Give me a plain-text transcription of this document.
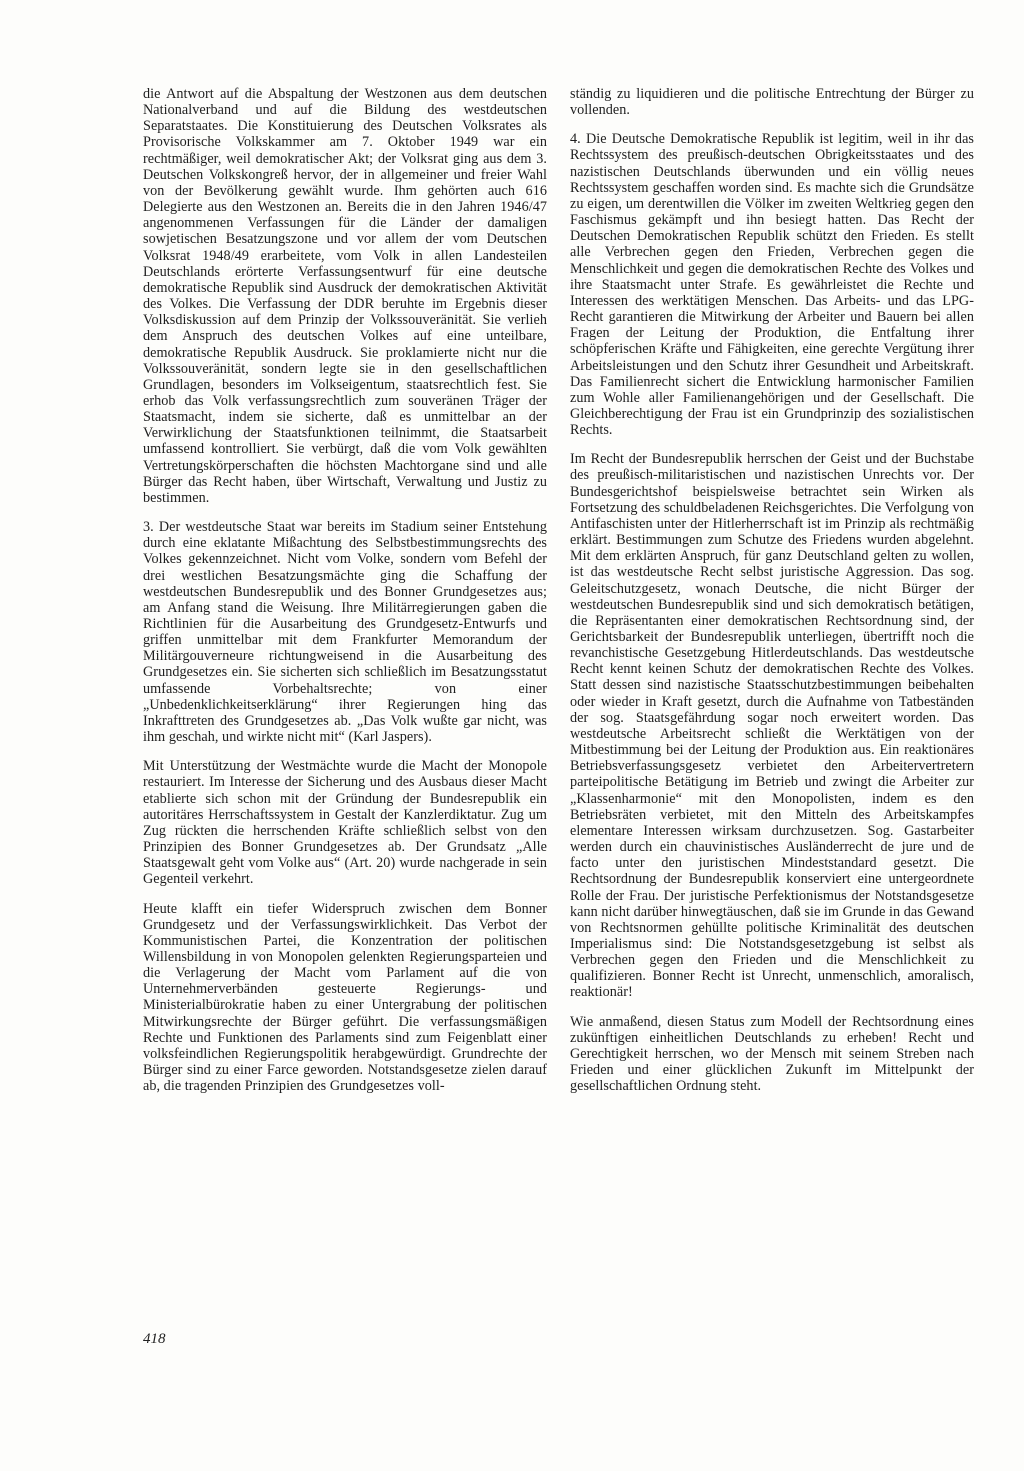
die Antwort auf die Abspaltung der Westzonen aus dem deutschen Nationalverband und auf die Bildung des westdeutschen Separatstaates. Die Konstituierung des Deutschen Volksrates als Provisorische Volkskammer am 7. Oktober 1949 war ein rechtmäßiger, weil demokratischer Akt; der Volksrat ging aus dem 3. Deutschen Volkskongreß hervor, der in allgemeiner und freier Wahl von der Bevölkerung gewählt wurde. Ihm gehörten auch 616 Delegierte aus den Westzonen an. Bereits die in den Jahren 1946/47 angenommenen Verfassungen für die Länder der damaligen sowjetischen Besatzungszone und vor allem der vom Deutschen Volksrat 1948/49 erarbeitete, vom Volk in allen Landesteilen Deutschlands erörterte Verfassungsentwurf für eine deutsche demokratische Republik sind Ausdruck der demokratischen Aktivität des Volkes. Die Verfassung der DDR beruhte im Ergebnis dieser Volksdiskussion auf dem Prinzip der Volkssouveränität. Sie verlieh dem Anspruch des deutschen Volkes auf eine unteilbare, demokratische Republik Ausdruck. Sie proklamierte nicht nur die Volkssouveränität, sondern legte sie in den gesellschaftlichen Grundlagen, besonders im Volkseigentum, staatsrechtlich fest. Sie erhob das Volk verfassungsrechtlich zum souveränen Träger der Staatsmacht, indem sie sicherte, daß es unmittelbar an der Verwirklichung der Staatsfunktionen teilnimmt, die Staatsarbeit umfassend kontrolliert. Sie verbürgt, daß die vom Volk gewählten Vertretungskörperschaften die höchsten Machtorgane sind und alle Bürger das Recht haben, über Wirtschaft, Verwaltung und Justiz zu bestimmen.

3. Der westdeutsche Staat war bereits im Stadium seiner Entstehung durch eine eklatante Mißachtung des Selbstbestimmungsrechts des Volkes gekennzeichnet. Nicht vom Volke, sondern vom Befehl der drei westlichen Besatzungsmächte ging die Schaffung der westdeutschen Bundesrepublik und des Bonner Grundgesetzes aus; am Anfang stand die Weisung. Ihre Militärregierungen gaben die Richtlinien für die Ausarbeitung des Grundgesetz-Entwurfs und griffen unmittelbar mit dem Frankfurter Memorandum der Militärgouverneure richtungweisend in die Ausarbeitung des Grundgesetzes ein. Sie sicherten sich schließlich im Besatzungsstatut umfassende Vorbehaltsrechte; von einer „Unbedenklichkeitserklärung“ ihrer Regierungen hing das Inkrafttreten des Grundgesetzes ab. „Das Volk wußte gar nicht, was ihm geschah, und wirkte nicht mit“ (Karl Jaspers).

Mit Unterstützung der Westmächte wurde die Macht der Monopole restauriert. Im Interesse der Sicherung und des Ausbaus dieser Macht etablierte sich schon mit der Gründung der Bundesrepublik ein autoritäres Herrschaftssystem in Gestalt der Kanzlerdiktatur. Zug um Zug rückten die herrschenden Kräfte schließlich selbst von den Prinzipien des Bonner Grundgesetzes ab. Der Grundsatz „Alle Staatsgewalt geht vom Volke aus“ (Art. 20) wurde nachgerade in sein Gegenteil verkehrt.

Heute klafft ein tiefer Widerspruch zwischen dem Bonner Grundgesetz und der Verfassungswirklichkeit. Das Verbot der Kommunistischen Partei, die Konzentration der politischen Willensbildung in von Monopolen gelenkten Regierungsparteien und die Verlagerung der Macht vom Parlament auf die von Unternehmerverbänden gesteuerte Regierungs- und Ministerialbürokratie haben zu einer Untergrabung der politischen Mitwirkungsrechte der Bürger geführt. Die verfassungsmäßigen Rechte und Funktionen des Parlaments sind zum Feigenblatt einer volksfeindlichen Regierungspolitik herabgewürdigt. Grundrechte der Bürger sind zu einer Farce geworden. Notstandsgesetze zielen darauf ab, die tragenden Prinzipien des Grundgesetzes voll-

ständig zu liquidieren und die politische Entrechtung der Bürger zu vollenden.

4. Die Deutsche Demokratische Republik ist legitim, weil in ihr das Rechtssystem des preußisch-deutschen Obrigkeitsstaates und des nazistischen Deutschlands überwunden und ein völlig neues Rechtssystem geschaffen worden sind. Es machte sich die Grundsätze zu eigen, um derentwillen die Völker im zweiten Weltkrieg gegen den Faschismus gekämpft und ihn besiegt hatten. Das Recht der Deutschen Demokratischen Republik schützt den Frieden. Es stellt alle Verbrechen gegen den Frieden, Verbrechen gegen die Menschlichkeit und gegen die demokratischen Rechte des Volkes und ihre Staatsmacht unter Strafe. Es gewährleistet die Rechte und Interessen des werktätigen Menschen. Das Arbeits- und das LPG-Recht garantieren die Mitwirkung der Arbeiter und Bauern bei allen Fragen der Leitung der Produktion, die Entfaltung ihrer schöpferischen Kräfte und Fähigkeiten, eine gerechte Vergütung ihrer Arbeitsleistungen und den Schutz ihrer Gesundheit und Arbeitskraft. Das Familienrecht sichert die Entwicklung harmonischer Familien zum Wohle aller Familienangehörigen und der Gesellschaft. Die Gleichberechtigung der Frau ist ein Grundprinzip des sozialistischen Rechts.

Im Recht der Bundesrepublik herrschen der Geist und der Buchstabe des preußisch-militaristischen und nazistischen Unrechts vor. Der Bundesgerichtshof beispielsweise betrachtet sein Wirken als Fortsetzung des schuldbeladenen Reichsgerichtes. Die Verfolgung von Antifaschisten unter der Hitlerherrschaft ist im Prinzip als rechtmäßig erklärt. Bestimmungen zum Schutze des Friedens wurden abgelehnt. Mit dem erklärten Anspruch, für ganz Deutschland gelten zu wollen, ist das westdeutsche Recht selbst juristische Aggression. Das sog. Geleitschutzgesetz, wonach Deutsche, die nicht Bürger der westdeutschen Bundesrepublik sind und sich demokratisch betätigen, die Repräsentanten einer demokratischen Rechtsordnung sind, der Gerichtsbarkeit der Bundesrepublik unterliegen, übertrifft noch die revanchistische Gesetzgebung Hitlerdeutschlands. Das westdeutsche Recht kennt keinen Schutz der demokratischen Rechte des Volkes. Statt dessen sind nazistische Staatsschutzbestimmungen beibehalten oder wieder in Kraft gesetzt, durch die Aufnahme von Tatbeständen der sog. Staatsgefährdung sogar noch erweitert worden. Das westdeutsche Arbeitsrecht schließt die Werktätigen von der Mitbestimmung bei der Leitung der Produktion aus. Ein reaktionäres Betriebsverfassungsgesetz verbietet den Arbeitervertretern parteipolitische Betätigung im Betrieb und zwingt die Arbeiter zur „Klassenharmonie“ mit den Monopolisten, indem es den Betriebsräten verbietet, mit den Mitteln des Arbeitskampfes elementare Interessen wirksam durchzusetzen. Sog. Gastarbeiter werden durch ein chauvinistisches Ausländerrecht de jure und de facto unter den juristischen Mindeststandard gesetzt. Die Rechtsordnung der Bundesrepublik konserviert eine untergeordnete Rolle der Frau. Der juristische Perfektionismus der Notstandsgesetze kann nicht darüber hinwegtäuschen, daß sie im Grunde in das Gewand von Rechtsnormen gehüllte politische Kriminalität des deutschen Imperialismus sind: Die Notstandsgesetzgebung ist selbst als Verbrechen gegen den Frieden und die Menschlichkeit zu qualifizieren. Bonner Recht ist Unrecht, unmenschlich, amoralisch, reaktionär!

Wie anmaßend, diesen Status zum Modell der Rechtsordnung eines zukünftigen einheitlichen Deutschlands zu erheben! Recht und Gerechtigkeit herrschen, wo der Mensch mit seinem Streben nach Frieden und einer glücklichen Zukunft im Mittelpunkt der gesellschaftlichen Ordnung steht.

418
